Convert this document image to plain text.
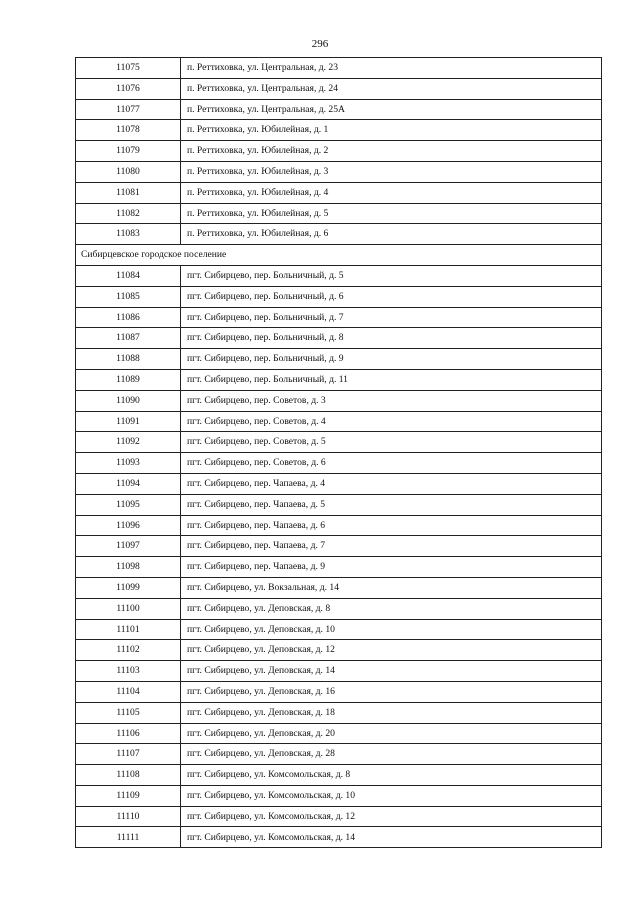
296
11075	п. Реттиховка, ул. Центральная, д. 23
11076	п. Реттиховка, ул. Центральная, д. 24
11077	п. Реттиховка, ул. Центральная, д. 25А
11078	п. Реттиховка, ул. Юбилейная, д. 1
11079	п. Реттиховка, ул. Юбилейная, д. 2
11080	п. Реттиховка, ул. Юбилейная, д. 3
11081	п. Реттиховка, ул. Юбилейная, д. 4
11082	п. Реттиховка, ул. Юбилейная, д. 5
11083	п. Реттиховка, ул. Юбилейная, д. 6
Сибирцевское городское поселение	
11084	пгт. Сибирцево, пер. Больничный, д. 5
11085	пгт. Сибирцево, пер. Больничный, д. 6
11086	пгт. Сибирцево, пер. Больничный, д. 7
11087	пгт. Сибирцево, пер. Больничный, д. 8
11088	пгт. Сибирцево, пер. Больничный, д. 9
11089	пгт. Сибирцево, пер. Больничный, д. 11
11090	пгт. Сибирцево, пер. Советов, д. 3
11091	пгт. Сибирцево, пер. Советов, д. 4
11092	пгт. Сибирцево, пер. Советов, д. 5
11093	пгт. Сибирцево, пер. Советов, д. 6
11094	пгт. Сибирцево, пер. Чапаева, д. 4
11095	пгт. Сибирцево, пер. Чапаева, д. 5
11096	пгт. Сибирцево, пер. Чапаева, д. 6
11097	пгт. Сибирцево, пер. Чапаева, д. 7
11098	пгт. Сибирцево, пер. Чапаева, д. 9
11099	пгт. Сибирцево, ул. Вокзальная, д. 14
11100	пгт. Сибирцево, ул. Деповская, д. 8
11101	пгт. Сибирцево, ул. Деповская, д. 10
11102	пгт. Сибирцево, ул. Деповская, д. 12
11103	пгт. Сибирцево, ул. Деповская, д. 14
11104	пгт. Сибирцево, ул. Деповская, д. 16
11105	пгт. Сибирцево, ул. Деповская, д. 18
11106	пгт. Сибирцево, ул. Деповская, д. 20
11107	пгт. Сибирцево, ул. Деповская, д. 28
11108	пгт. Сибирцево, ул. Комсомольская, д. 8
11109	пгт. Сибирцево, ул. Комсомольская, д. 10
11110	пгт. Сибирцево, ул. Комсомольская, д. 12
11111	пгт. Сибирцево, ул. Комсомольская, д. 14
